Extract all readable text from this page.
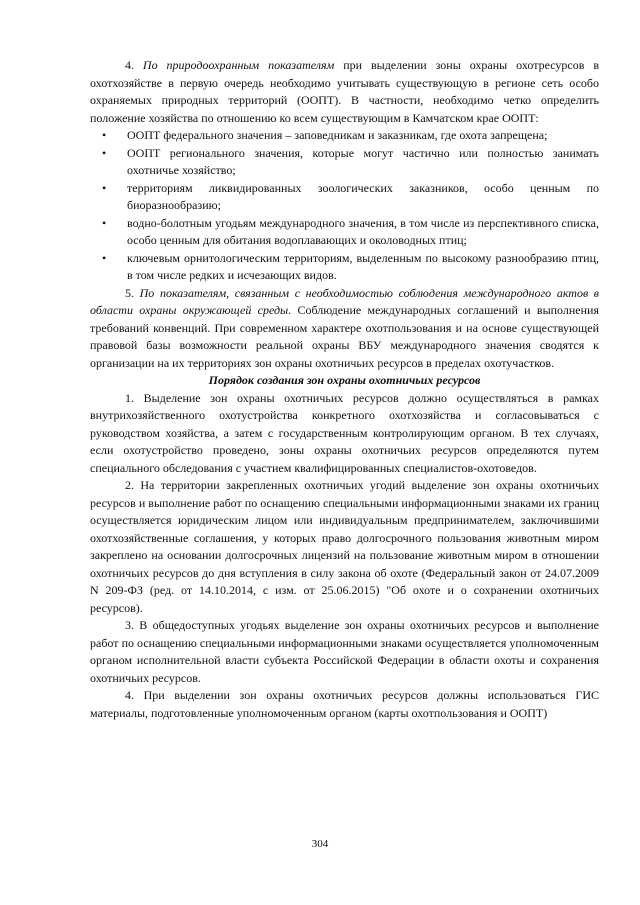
4. По природоохранным показателям при выделении зоны охраны охотресурсов в охотхозяйстве в первую очередь необходимо учитывать существующую в регионе сеть особо охраняемых природных территорий (ООПТ). В частности, необходимо четко определить положение хозяйства по отношению ко всем существующим в Камчатском крае ООПТ:

• ООПТ федерального значения – заповедникам и заказникам, где охота запрещена;
• ООПТ регионального значения, которые могут частично или полностью занимать охотничье хозяйство;
• территориям ликвидированных зоологических заказников, особо ценным по биоразнообразию;
• водно-болотным угодьям международного значения, в том числе из перспективного списка, особо ценным для обитания водоплавающих и околоводных птиц;
• ключевым орнитологическим территориям, выделенным по высокому разнообразию птиц, в том числе редких и исчезающих видов.

5. По показателям, связанным с необходимостью соблюдения международного актов в области охраны окружающей среды. Соблюдение международных соглашений и выполнения требований конвенций. При современном характере охотпользования и на основе существующей правовой базы возможности реальной охраны ВБУ международного значения сводятся к организации на их территориях зон охраны охотничьих ресурсов в пределах охотучастков.

Порядок создания зон охраны охотничьих ресурсов

1. Выделение зон охраны охотничьих ресурсов должно осуществляться в рамках внутрихозяйственного охотустройства конкретного охотхозяйства и согласовываться с руководством хозяйства, а затем с государственным контролирующим органом. В тех случаях, если охотустройство проведено, зоны охраны охотничьих ресурсов определяются путем специального обследования с участием квалифицированных специалистов-охотоведов.

2. На территории закрепленных охотничьих угодий выделение зон охраны охотничьих ресурсов и выполнение работ по оснащению специальными информационными знаками их границ осуществляется юридическим лицом или индивидуальным предпринимателем, заключившими охотхозяйственные соглашения, у которых право долгосрочного пользования животным миром закреплено на основании долгосрочных лицензий на пользование животным миром в отношении охотничьих ресурсов до дня вступления в силу закона об охоте (Федеральный закон от 24.07.2009 N 209-ФЗ (ред. от 14.10.2014, с изм. от 25.06.2015) "Об охоте и о сохранении охотничьих ресурсов).

3. В общедоступных угодьях выделение зон охраны охотничьих ресурсов и выполнение работ по оснащению специальными информационными знаками осуществляется уполномоченным органом исполнительной власти субъекта Российской Федерации в области охоты и сохранения охотничьих ресурсов.

4. При выделении зон охраны охотничьих ресурсов должны использоваться ГИС материалы, подготовленные уполномоченным органом (карты охотпользования и ООПТ)

304
